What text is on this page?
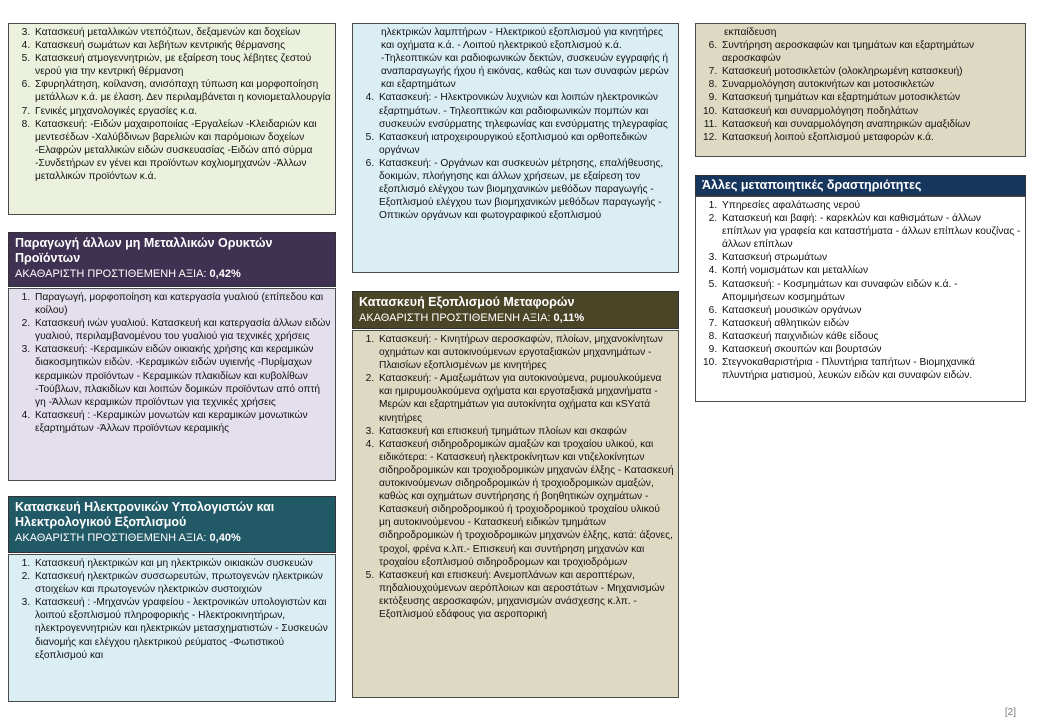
3. Κατασκευή μεταλλικών ντεπόζιτων, δεξαμενών και δοχείων
4. Κατασκευή σωμάτων και λεβήτων κεντρικής θέρμανσης
5. Κατασκευή ατμογεννητριών, με εξαίρεση τους λέβητες ζεστού νερού για την κεντρική θέρμανση
6. Σφυρηλάτηση, κοίλανση, ανισόπαχη τύπωση και μορφοποίηση μετάλλων κ.ά. με έλαση. Δεν περιλαμβάνεται η κονιομεταλλουργία
7. Γενικές μηχανολογικές εργασίες κ.α.
8. Κατασκευή: -Ειδών μαχαιροποιίας -Εργαλείων -Κλειδαριών και μεντεσέδων -Χαλύβδινων βαρελιών και παρόμοιων δοχείων -Ελαφρών μεταλλικών ειδών συσκευασίας -Ειδών από σύρμα -Συνδετήρων εν γένει και προϊόντων κοχλιομηχανών -Άλλων μεταλλικών προϊόντων κ.ά.
Παραγωγή άλλων μη Μεταλλικών Ορυκτών Προϊόντων
ΑΚΑΘΑΡΙΣΤΗ ΠΡΟΣΤΙΘΕΜΕΝΗ ΑΞΙΑ: 0,42%
1. Παραγωγή, μορφοποίηση και κατεργασία γυαλιού (επίπεδου και κοίλου)
2. Κατασκευή ινών γυαλιού. Κατασκευή και κατεργασία άλλων ειδών γυαλιού, περιλαμβανομένου του γυαλιού για τεχνικές χρήσεις
3. Κατασκευή: -Κεραμικών ειδών οικιακής χρήσης και κεραμικών διακοσμητικών ειδών. -Κεραμικών ειδών υγιεινής -Πυρίμαχων κεραμικών προϊόντων - Κεραμικών πλακιδίων και κυβολίθων -Τούβλων, πλακιδίων και λοιπών δομικών προϊόντων από οπτή γη -Άλλων κεραμικών προϊόντων για τεχνικές χρήσεις
4. Κατασκευή : -Κεραμικών μονωτών και κεραμικών μονωτικών εξαρτημάτων -Άλλων προϊόντων κεραμικής
Κατασκευή Ηλεκτρονικών Υπολογιστών και Ηλεκτρολογικού Εξοπλισμού
ΑΚΑΘΑΡΙΣΤΗ ΠΡΟΣΤΙΘΕΜΕΝΗ ΑΞΙΑ: 0,40%
1. Κατασκευή ηλεκτρικών και μη ηλεκτρικών οικιακών συσκευών
2. Κατασκευή ηλεκτρικών συσσωρευτών, πρωτογενών ηλεκτρικών στοιχείων και πρωτογενών ηλεκτρικών συστοιχιών
3. Κατασκευή : -Μηχανών γραφείου - λεκτρονικών υπολογιστών και λοιπού εξοπλισμού πληροφορικής - Ηλεκτροκινητήρων, ηλεκτρογεννητριών και ηλεκτρικών μετασχηματιστών - Συσκευών διανομής και ελέγχου ηλεκτρικού ρεύματος -Φωτιστικού εξοπλισμού και
ηλεκτρικών λαμπτήρων - Ηλεκτρικού εξοπλισμού για κινητήρες και οχήματα κ.ά. - Λοιπού ηλεκτρικού εξοπλισμού κ.ά. -Τηλεοπτικών και ραδιοφωνικών δεκτών, συσκευών εγγραφής ή αναπαραγωγής ήχου ή εικόνας, καθώς και των συναφών μερών και εξαρτημάτων
4. Κατασκευή: - Ηλεκτρονικών λυχνιών και λοιπών ηλεκτρονικών εξαρτημάτων. - Τηλεοπτικών και ραδιοφωνικών πομπών και συσκευών ενσύρματης τηλεφωνίας και ενσύρματης τηλεγραφίας
5. Κατασκευή ιατροχειρουργικού εξοπλισμού και ορθοπεδικών οργάνων
6. Κατασκευή: - Οργάνων και συσκευών μέτρησης, επαλήθευσης, δοκιμών, πλοήγησης και άλλων χρήσεων, με εξαίρεση τον εξοπλισμό ελέγχου των βιομηχανικών μεθόδων παραγωγής - Εξοπλισμού ελέγχου των βιομηχανικών μεθόδων παραγωγής - Οπτικών οργάνων και φωτογραφικού εξοπλισμού
Κατασκευή Εξοπλισμού Μεταφορών
ΑΚΑΘΑΡΙΣΤΗ ΠΡΟΣΤΙΘΕΜΕΝΗ ΑΞΙΑ: 0,11%
1. Κατασκευή: - Κινητήρων αεροσκαφών, πλοίων, μηχανοκίνητων οχημάτων και αυτοκινούμενων εργοταξιακών μηχανημάτων - Πλαισίων εξοπλισμένων με κινητήρες
2. Κατασκευή: - Αμαξωμάτων για αυτοκινούμενα, ρυμουλκούμενα και ημιρυμουλκούμενα οχήματα και εργοταξιακά μηχανήματα - Μερών και εξαρτημάτων για αυτοκίνητα οχήματα και κSYατά κινητήρες
3. Κατασκευή και επισκευή τμημάτων πλοίων και σκαφών
4. Κατασκευή σιδηροδρομικών αμαξών και τροχαίου υλικού, και ειδικότερα: - Κατασκευή ηλεκτροκίνητων και ντιζελοκίνητων σιδηροδρομικών και τροχιοδρομικών μηχανών έλξης - Κατασκευή αυτοκινούμενων σιδηροδρομικών ή τροχιοδρομικών αμαξών, καθώς και οχημάτων συντήρησης ή βοηθητικών οχημάτων - Κατασκευή σιδηροδρομικού ή τροχιοδρομικού τροχαίου υλικού μη αυτοκινούμενου - Κατασκευή ειδικών τμημάτων σιδηροδρομικών ή τροχιοδρομικών μηχανών έλξης, κατά: άξονες, τροχοί, φρένα κ.λπ.- Επισκευή και συντήρηση μηχανών και τροχαίου εξοπλισμού σιδηροδρομων και τροχιοδρόμων
5. Κατασκευή και επισκευή: Ανεμοπλάνων και αεροπτέρων, πηδαλιουχούμενων αερόπλοιων και αεροστάτων - Μηχανισμών εκτόξευσης αεροσκαφών, μηχανισμών ανάσχεσης κ.λπ. - Εξοπλισμού εδάφους για αεροπορική
εκπαίδευση
6. Συντήρηση αεροσκαφών και τμημάτων και εξαρτημάτων αεροσκαφών
7. Κατασκευή μοτοσικλετών (ολοκληρωμένη κατασκευή)
8. Συναρμολόγηση αυτοκινήτων και μοτοσικλετών
9. Κατασκευή τμημάτων και εξαρτημάτων μοτοσικλετών
10. Κατασκευή και συναρμολόγηση ποδηλάτων
11. Κατασκευή και συναρμολόγηση αναπηρικών αμαξιδίων
12. Κατασκευή λοιπού εξοπλισμού μεταφορών κ.ά.
Άλλες μεταποιητικές δραστηριότητες
1. Υπηρεσίες αφαλάτωσης νερού
2. Κατασκευή και βαφή: - καρεκλών και καθισμάτων - άλλων επίπλων για γραφεία και καταστήματα - άλλων επίπλων κουζίνας - άλλων επίπλων
3. Κατασκευή στρωμάτων
4. Κοπή νομισμάτων και μεταλλίων
5. Κατασκευή: - Κοσμημάτων και συναφών ειδών κ.ά. - Απομιμήσεων κοσμημάτων
6. Κατασκευή μουσικών οργάνων
7. Κατασκευή αθλητικών ειδών
8. Κατασκευή παιχνιδιών κάθε είδους
9. Κατασκευή σκουπών και βουρτσών
10. Στεγνοκαθαριστήρια - Πλυντήρια ταπήτων - Βιομηχανικά πλυντήρια ματισμού, λευκών ειδών και συναφών ειδών.
[2]
